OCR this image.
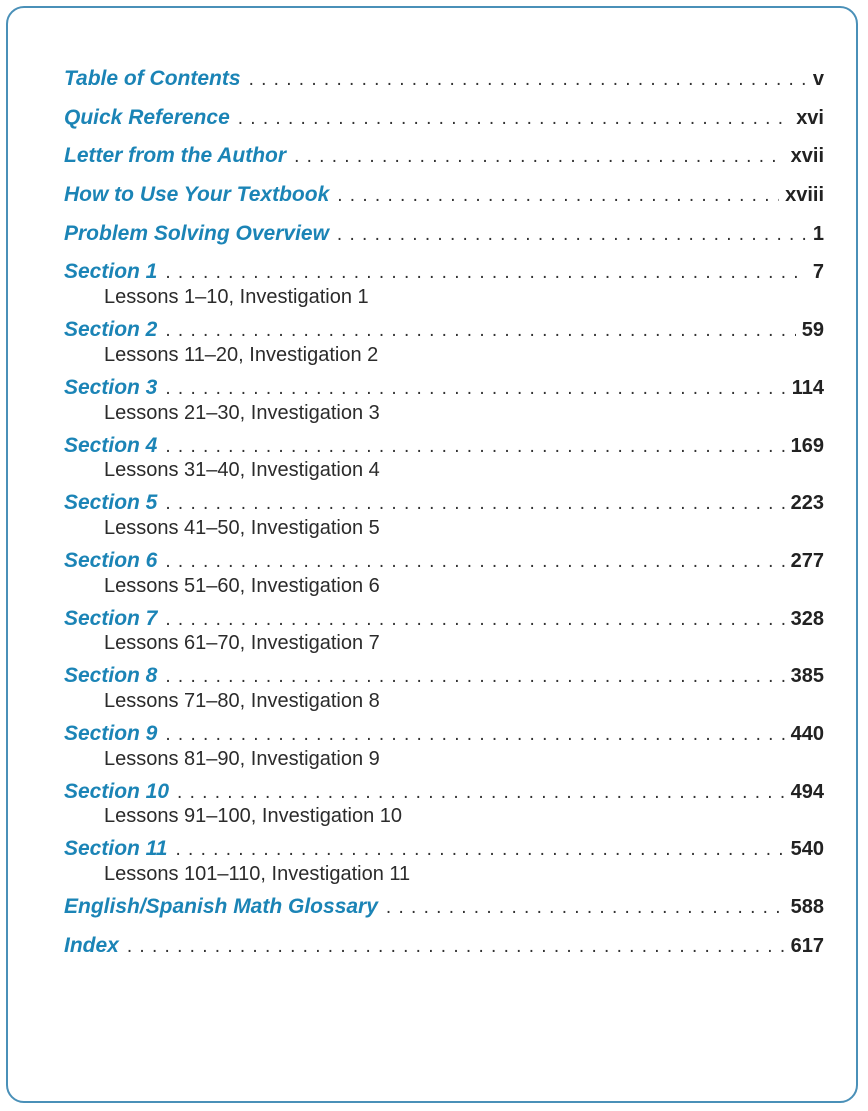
Table of Contents . . .	v
Quick Reference . . .	xvi
Letter from the Author . . .	xvii
How to Use Your Textbook . . .	xviii
Problem Solving Overview . . .	1
Section 1 . . .	7
Lessons 1–10, Investigation 1
Section 2 . . .	59
Lessons 11–20, Investigation 2
Section 3 . . .	114
Lessons 21–30, Investigation 3
Section 4 . . .	169
Lessons 31–40, Investigation 4
Section 5 . . .	223
Lessons 41–50, Investigation 5
Section 6 . . .	277
Lessons 51–60, Investigation 6
Section 7 . . .	328
Lessons 61–70, Investigation 7
Section 8 . . .	385
Lessons 71–80, Investigation 8
Section 9 . . .	440
Lessons 81–90, Investigation 9
Section 10 . . .	494
Lessons 91–100, Investigation 10
Section 11 . . .	540
Lessons 101–110, Investigation 11
English/Spanish Math Glossary . . .	588
Index . . .	617
